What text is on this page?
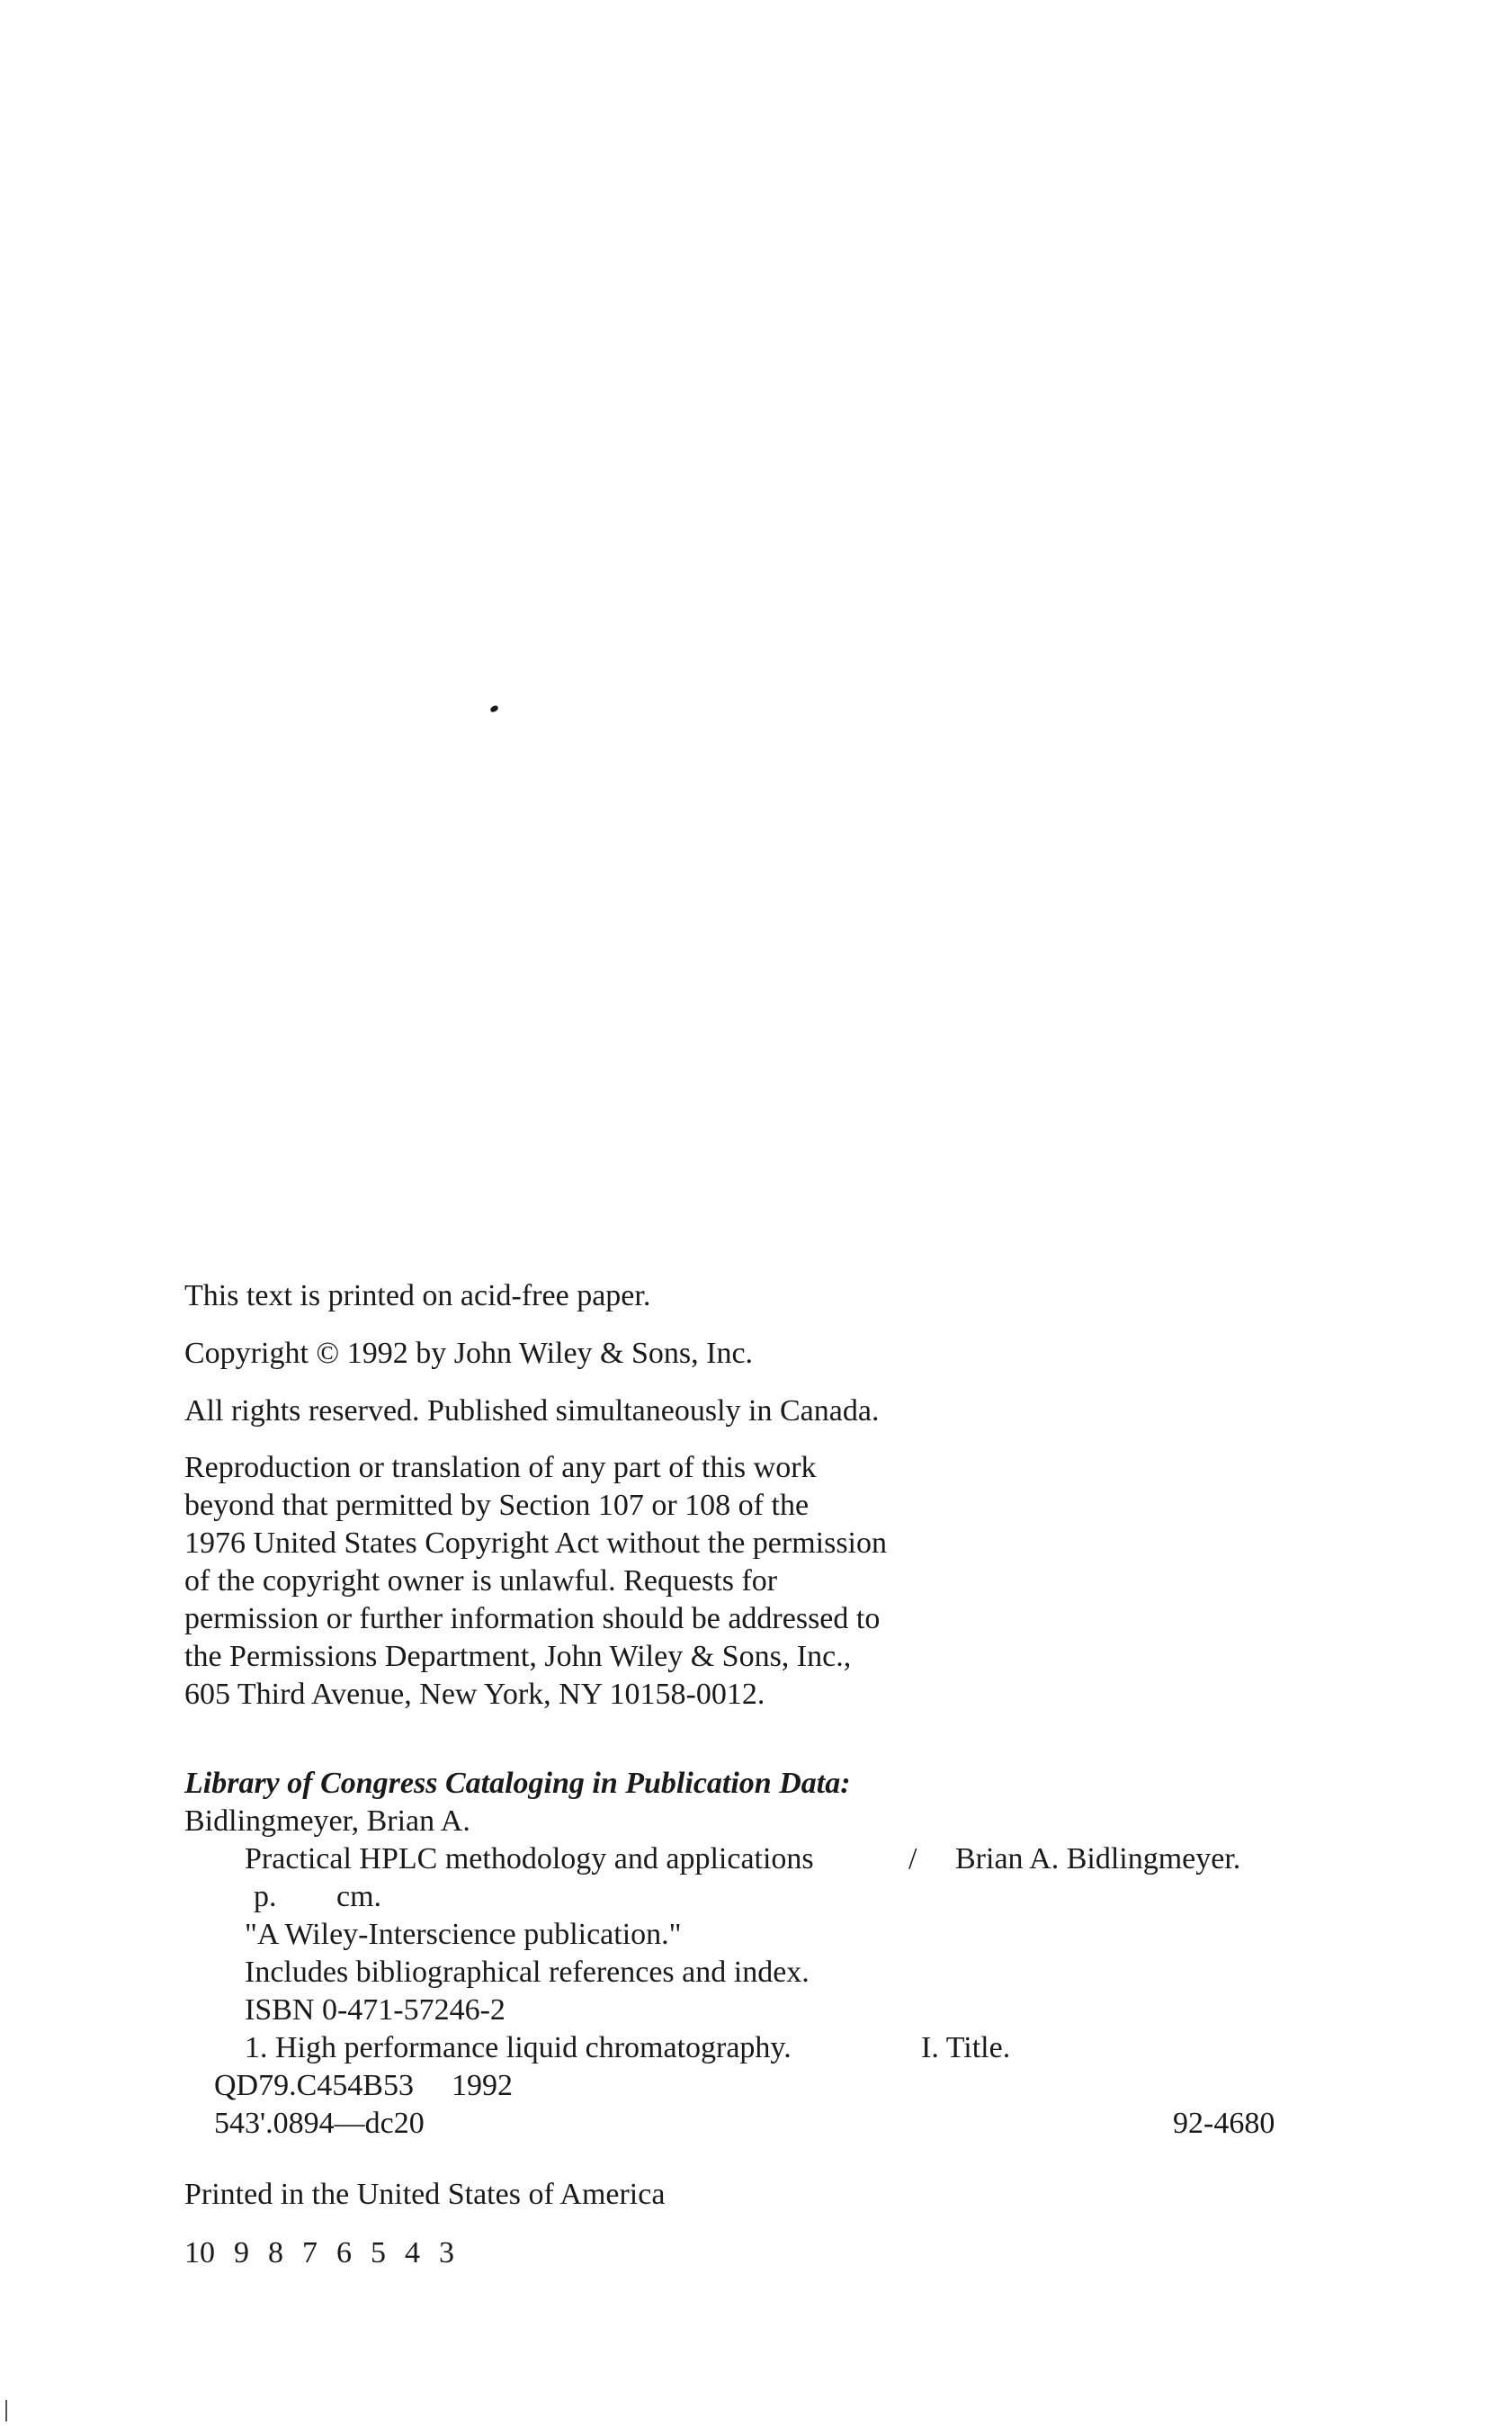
This text is printed on acid-free paper.

Copyright © 1992 by John Wiley & Sons, Inc.

All rights reserved. Published simultaneously in Canada.

Reproduction or translation of any part of this work

beyond that permitted by Section 107 or 108 of the

1976 United States Copyright Act without the permission

of the copyright owner is unlawful. Requests for

permission or further information should be addressed to

the Permissions Department, John Wiley & Sons, Inc.,

605 Third Avenue, New York, NY 10158-0012.

Library of Congress Cataloging in Publication Data:

Bidlingmeyer, Brian A.

Practical HPLC methodology and applications	/ Brian A. Bidlingmeyer.

p. cm.

"A Wiley-Interscience publication."

Includes bibliographical references and index.

ISBN 0-471-57246-2

1. High performance liquid chromatography.	I. Title.

QD79.C454B53 1992

543'.0894—dc20	92-4680

Printed in the United States of America

10  9  8  7  6  5  4  3
